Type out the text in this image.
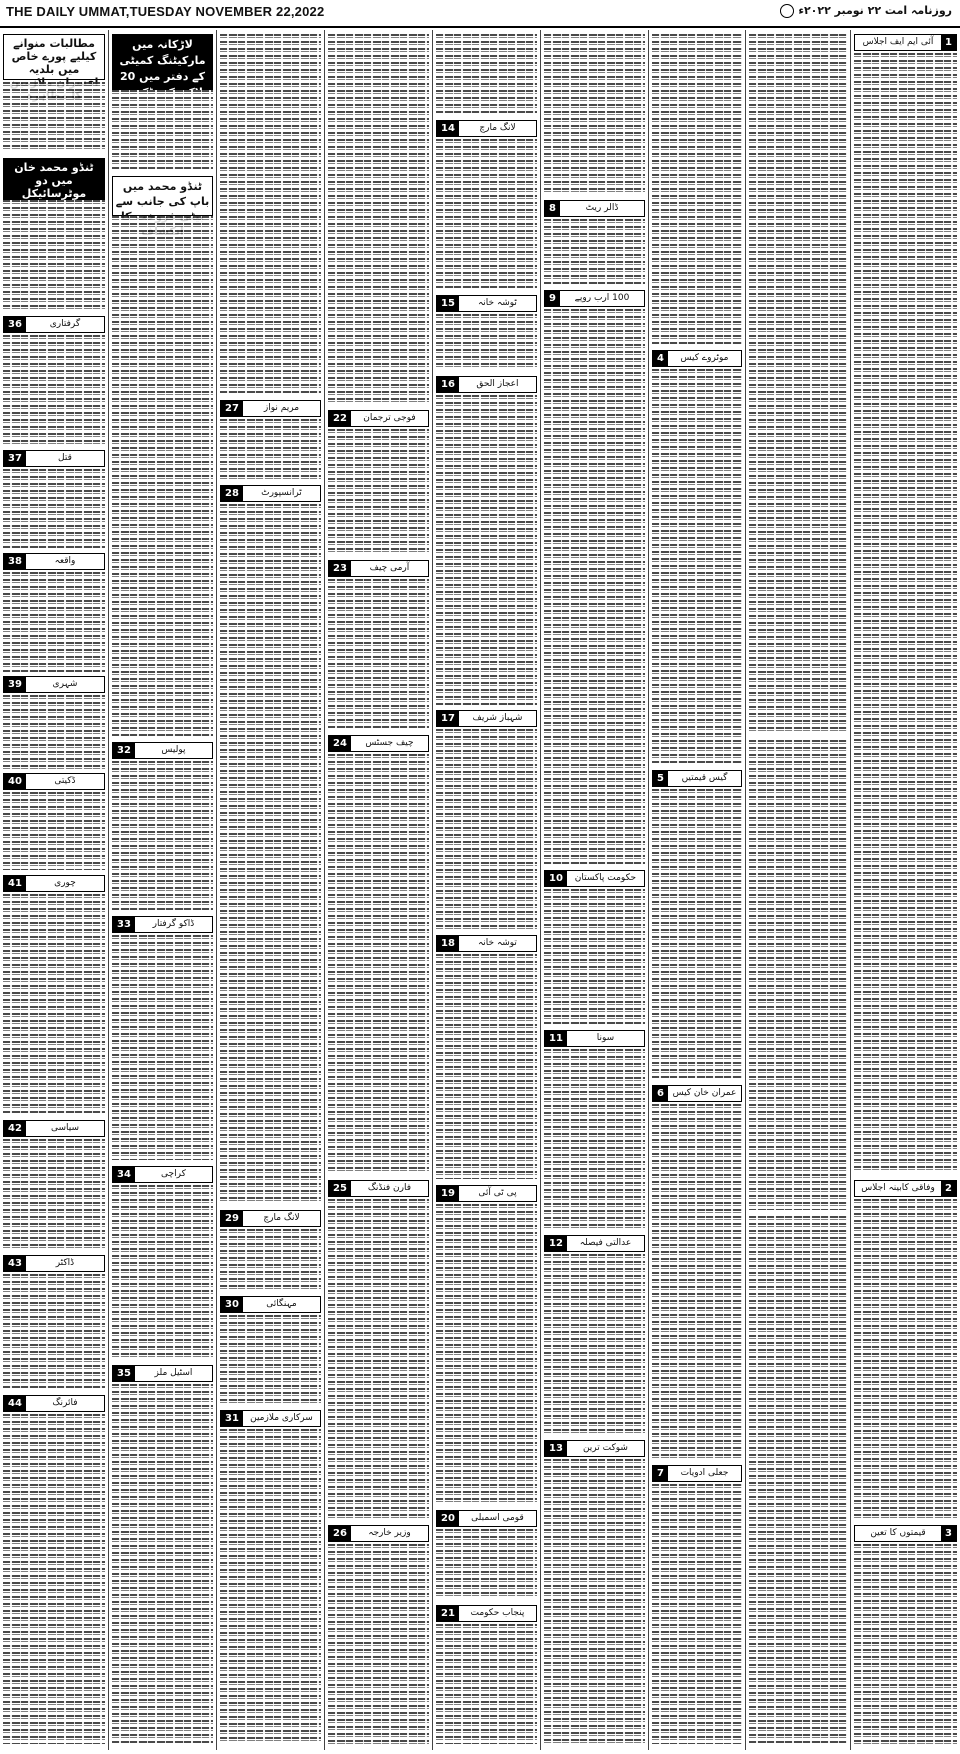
THE DAILY UMMAT,TUESDAY NOVEMBER 22,2022	روزنامہ امت ۲۲ نومبر ۲۰۲۲ء
مطالبات منوانے کیلیے پورے خاص میں بلدیہ
ٹنڈو محمد خان میں دو موٹرسائیکل
36	گرفتاری
37	قتل
38	واقعہ
39	شہری
40	ڈکیتی
41	چوری
42	سیاسی
43	ڈاکٹر
44	فائرنگ
لاڑکانہ میں مارکیٹنگ کمیٹی کے دفتر میں 20
ٹنڈو محمد میں باپ کی جانب سے
32	پولیس
33	ڈاکو گرفتار
34	کراچی
35	اسٹیل ملز
27	مریم نواز
28	ٹرانسپورٹ
29	لانگ مارچ
30	مہنگائی
31	سرکاری ملازمین
22	فوجی ترجمان
23	آرمی چیف
24	چیف جسٹس
25	فارن فنڈنگ
26	وزیر خارجہ
14	لانگ مارچ
15	ٹوشہ خانہ
16	اعجاز الحق
17	شہباز شریف
18	توشہ خانہ
19	پی ٹی آئی
20	قومی اسمبلی
21	پنجاب حکومت
8	ڈالر ریٹ
9	100 ارب روپے
10	حکومت پاکستان
11	سونا
12	عدالتی فیصلہ
13	شوکت ترین
4	موٹروے کیس
5	گیس قیمتیں
6 عمران خان کیس
7	جعلی ادویات
1
آئی ایم ایف اجلاس
2
وفاقی کابینہ اجلاس
3
قیمتوں کا تعین
